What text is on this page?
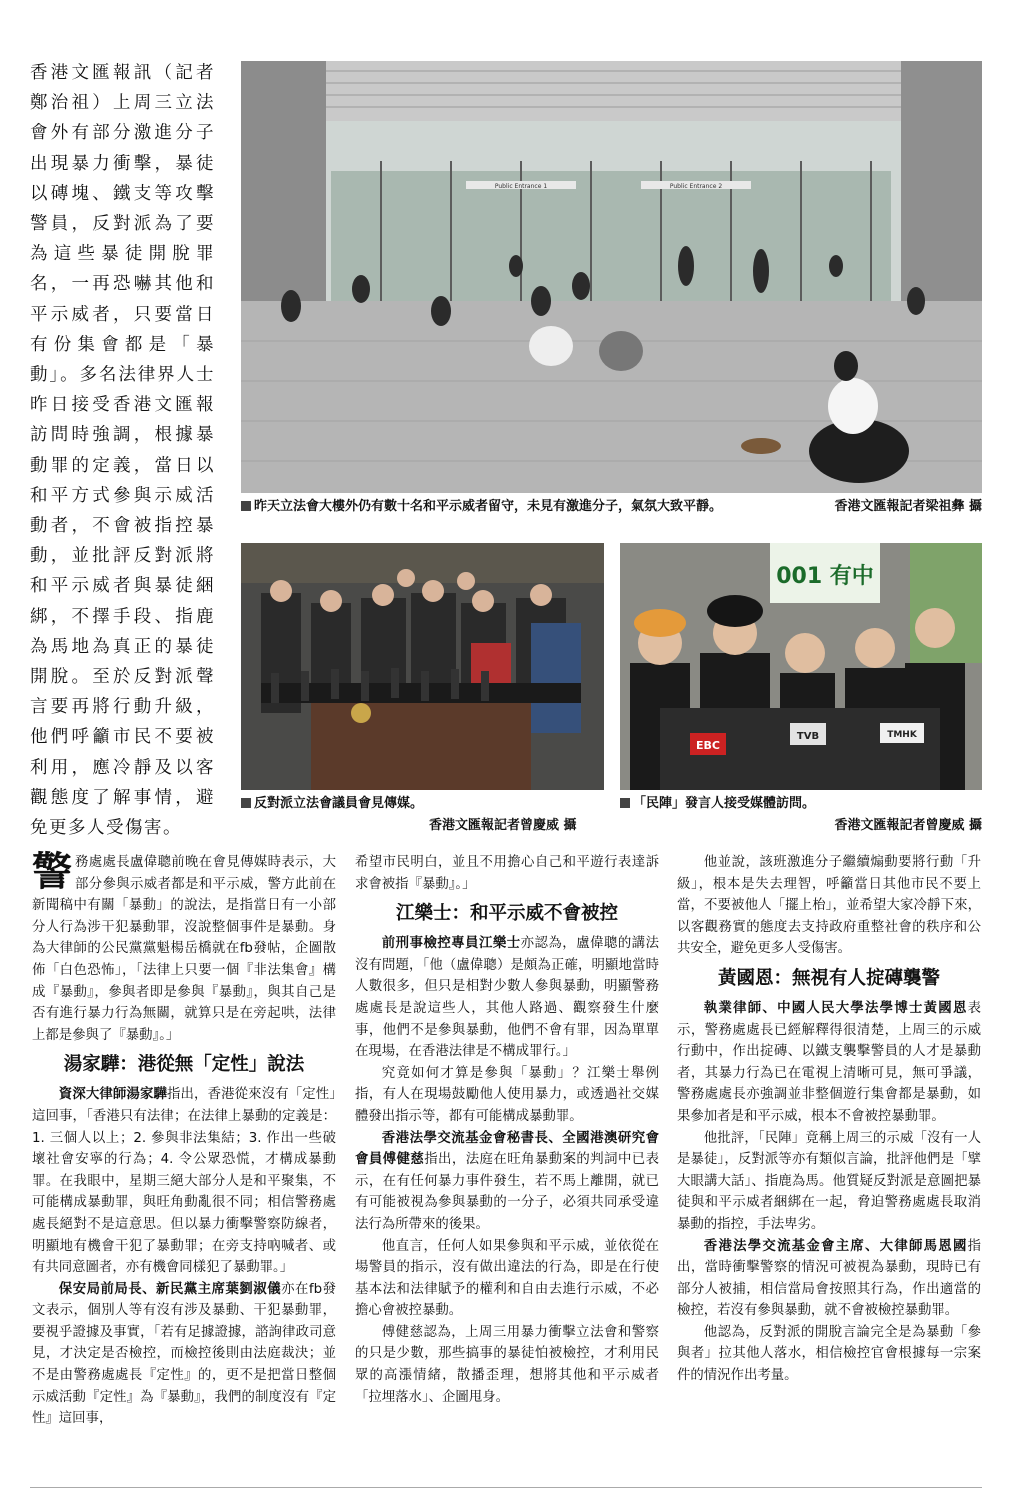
香港文匯報訊（記者 鄭治祖）上周三立法會外有部分激進分子出現暴力衝擊，暴徒以磚塊、鐵支等攻擊警員，反對派為了要為這些暴徒開脫罪名，一再恐嚇其他和平示威者，只要當日有份集會都是「暴動」。多名法律界人士昨日接受香港文匯報訪問時強調，根據暴動罪的定義，當日以和平方式參與示威活動者，不會被指控暴動，並批評反對派將和平示威者與暴徒綑綁，不擇手段、指鹿為馬地為真正的暴徒開脫。至於反對派聲言要再將行動升級，他們呼籲市民不要被利用，應冷靜及以客觀態度了解事情，避免更多人受傷害。
Public Entrance 1	Public Entrance 2
昨天立法會大樓外仍有數十名和平示威者留守，未見有激進分子，氣氛大致平靜。	香港文匯報記者梁祖彝 攝
反對派立法會議員會見傳媒。
香港文匯報記者曾慶威 攝
001 有中
EBC
TVB	TMHK
「民陣」發言人接受媒體訪問。
香港文匯報記者曾慶威 攝

警務處處長盧偉聰前晚在會見傳媒時表示，大部分參與示威者都是和平示威，警方此前在新聞稿中有關「暴動」的說法，是指當日有一小部分人行為涉干犯暴動罪，沒說整個事件是暴動。身為大律師的公民黨黨魁楊岳橋就在fb發帖，企圖散佈「白色恐怖」，「法律上只要一個『非法集會』構成『暴動』，參與者即是參與『暴動』，與其自己是否有進行暴力行為無關，就算只是在旁起哄，法律上都是參與了『暴動』。」

湯家驊：港從無「定性」說法

資深大律師湯家驊指出，香港從來沒有「定性」這回事，「香港只有法律；在法律上暴動的定義是：1. 三個人以上；2. 參與非法集結；3. 作出一些破壞社會安寧的行為；4. 令公眾恐慌，才構成暴動罪。在我眼中，星期三絕大部分人是和平聚集，不可能構成暴動罪，與旺角動亂很不同；相信警務處處長絕對不是這意思。但以暴力衝擊警察防線者，明顯地有機會干犯了暴動罪；在旁支持吶喊者、或有共同意圖者，亦有機會同樣犯了暴動罪。」

保安局前局長、新民黨主席葉劉淑儀亦在fb發文表示，個別人等有沒有涉及暴動、干犯暴動罪，要視乎證據及事實，「若有足據證據，諮詢律政司意見，才決定是否檢控，而檢控後則由法庭裁決；並不是由警務處處長『定性』的，更不是把當日整個示威活動『定性』為『暴動』，我們的制度沒有『定性』這回事，

希望市民明白，並且不用擔心自己和平遊行表達訴求會被指『暴動』。」

江樂士：和平示威不會被控

前刑事檢控專員江樂士亦認為，盧偉聰的講法沒有問題，「他（盧偉聰）是頗為正確，明顯地當時人數很多，但只是相對少數人參與暴動，明顯警務處處長是說這些人，其他人路過、觀察發生什麼事，他們不是參與暴動，他們不會有罪，因為單單在現場，在香港法律是不構成罪行。」

究竟如何才算是參與「暴動」？江樂士舉例指，有人在現場鼓勵他人使用暴力，或透過社交媒體發出指示等，都有可能構成暴動罪。

香港法學交流基金會秘書長、全國港澳研究會會員傅健慈指出，法庭在旺角暴動案的判詞中已表示，在有任何暴力事件發生，若不馬上離開，就已有可能被視為參與暴動的一分子，必須共同承受違法行為所帶來的後果。

他直言，任何人如果參與和平示威，並依從在場警員的指示，沒有做出違法的行為，即是在行使基本法和法律賦予的權利和自由去進行示威，不必擔心會被控暴動。

傅健慈認為，上周三用暴力衝擊立法會和警察的只是少數，那些搞事的暴徒怕被檢控，才利用民眾的高漲情緒，散播歪理，想將其他和平示威者「拉埋落水」、企圖甩身。

他並說，該班激進分子繼續煽動要將行動「升級」，根本是失去理智，呼籲當日其他市民不要上當，不要被他人「擺上枱」，並希望大家冷靜下來，以客觀務實的態度去支持政府重整社會的秩序和公共安全，避免更多人受傷害。

黃國恩：無視有人掟磚襲警

執業律師、中國人民大學法學博士黃國恩表示，警務處處長已經解釋得很清楚，上周三的示威行動中，作出掟磚、以鐵支襲擊警員的人才是暴動者，其暴力行為已在電視上清晰可見，無可爭議，警務處處長亦強調並非整個遊行集會都是暴動，如果參加者是和平示威，根本不會被控暴動罪。

他批評，「民陣」竟稱上周三的示威「沒有一人是暴徒」，反對派等亦有類似言論，批評他們是「擘大眼講大話」、指鹿為馬。他質疑反對派是意圖把暴徒與和平示威者綑綁在一起，脅迫警務處處長取消暴動的指控，手法卑劣。

香港法學交流基金會主席、大律師馬恩國指出，當時衝擊警察的情況可被視為暴動，現時已有部分人被捕，相信當局會按照其行為，作出適當的檢控，若沒有參與暴動，就不會被檢控暴動罪。

他認為，反對派的開脫言論完全是為暴動「參與者」拉其他人落水，相信檢控官會根據每一宗案件的情況作出考量。
